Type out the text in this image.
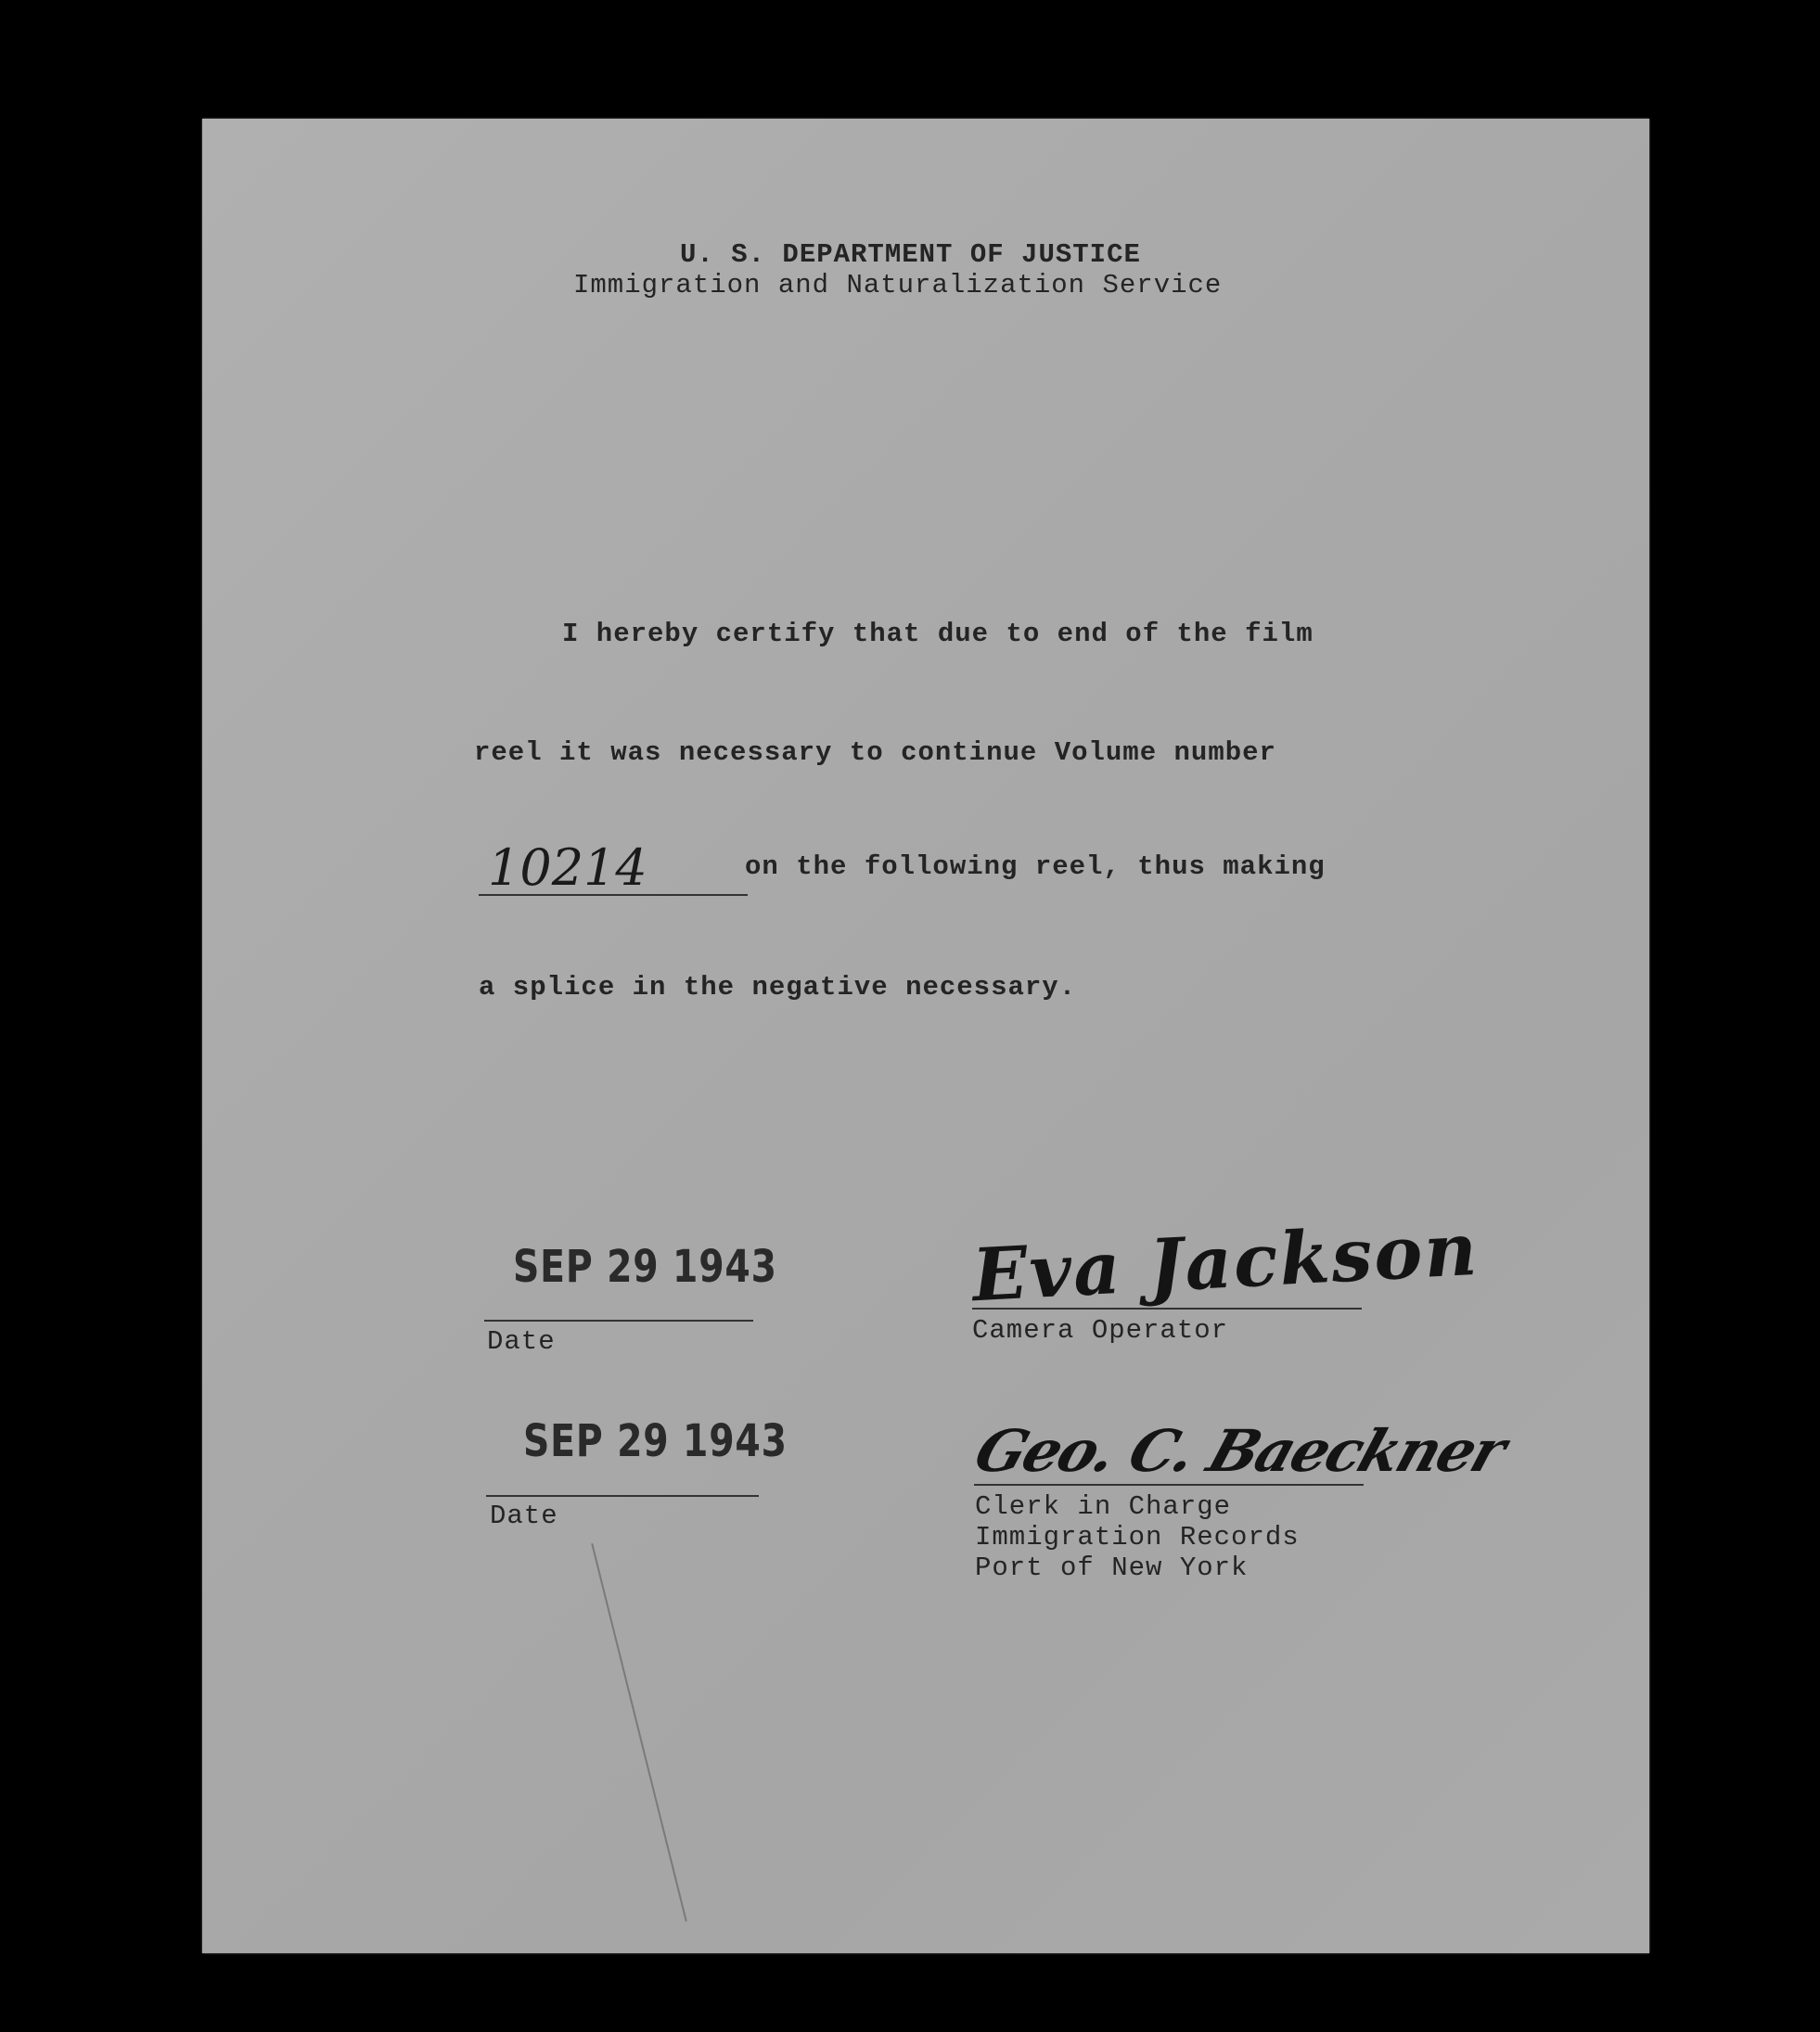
U. S. DEPARTMENT OF JUSTICE
Immigration and Naturalization Service
I hereby certify that due to end of the film
reel it was necessary to continue Volume number
10214	on the following reel, thus making
a splice in the negative necessary.
SEP 29 1943
Date
Eva Jackson
Camera Operator
SEP 29 1943
Date
Geo. C. Baeckner
Clerk in Charge
Immigration Records
Port of New York
